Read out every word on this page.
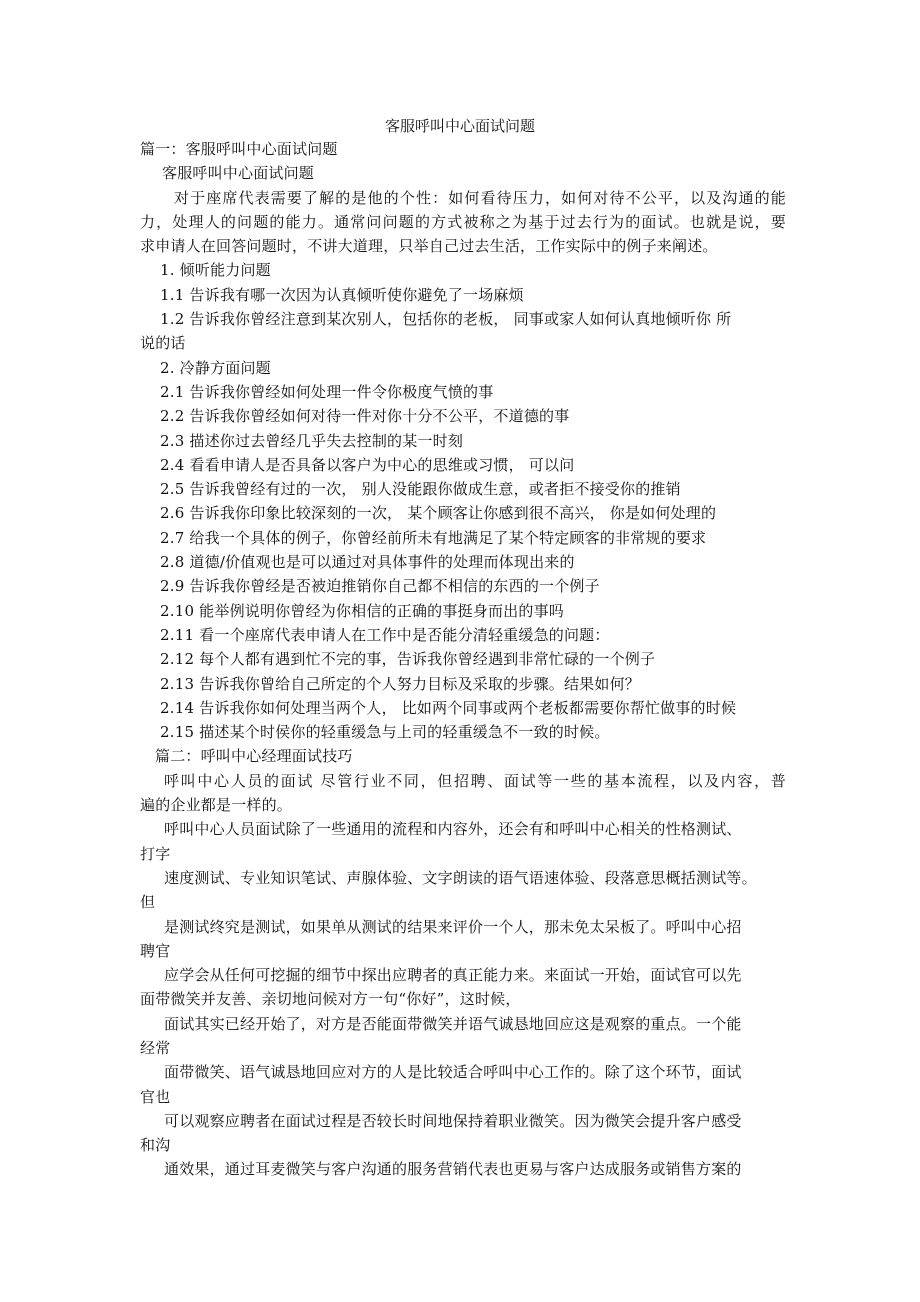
客服呼叫中心面试问题
篇一：客服呼叫中心面试问题
客服呼叫中心面试问题
对于座席代表需要了解的是他的个性：如何看待压力，如何对待不公平，以及沟通的能
力，处理人的问题的能力。通常问问题的方式被称之为基于过去行为的面试。也就是说，要
求申请人在回答问题时，不讲大道理，只举自己过去生活，工作实际中的例子来阐述。
1. 倾听能力问题
1.1 告诉我有哪一次因为认真倾听使你避免了一场麻烦
1.2 告诉我你曾经注意到某次别人，包括你的老板， 同事或家人如何认真地倾听你 所
说的话
2. 冷静方面问题
2.1 告诉我你曾经如何处理一件令你极度气愤的事
2.2 告诉我你曾经如何对待一件对你十分不公平，不道德的事
2.3 描述你过去曾经几乎失去控制的某一时刻
2.4 看看申请人是否具备以客户为中心的思维或习惯， 可以问
2.5 告诉我曾经有过的一次， 别人没能跟你做成生意，或者拒不接受你的推销
2.6 告诉我你印象比较深刻的一次， 某个顾客让你感到很不高兴， 你是如何处理的
2.7 给我一个具体的例子，你曾经前所未有地满足了某个特定顾客的非常规的要求
2.8 道德/价值观也是可以通过对具体事件的处理而体现出来的
2.9 告诉我你曾经是否被迫推销你自己都不相信的东西的一个例子
2.10 能举例说明你曾经为你相信的正确的事挺身而出的事吗
2.11 看一个座席代表申请人在工作中是否能分清轻重缓急的问题：
2.12 每个人都有遇到忙不完的事，告诉我你曾经遇到非常忙碌的一个例子
2.13 告诉我你曾给自己所定的个人努力目标及采取的步骤。结果如何？
2.14 告诉我你如何处理当两个人， 比如两个同事或两个老板都需要你帮忙做事的时候
2.15 描述某个时侯你的轻重缓急与上司的轻重缓急不一致的时候。
篇二：呼叫中心经理面试技巧
呼叫中心人员的面试 尽管行业不同，但招聘、面试等一些的基本流程，以及内容，普
遍的企业都是一样的。
呼叫中心人员面试除了一些通用的流程和内容外，还会有和呼叫中心相关的性格测试、
打字
速度测试、专业知识笔试、声腺体验、文字朗读的语气语速体验、段落意思概括测试等。
但
是测试终究是测试，如果单从测试的结果来评价一个人，那未免太呆板了。呼叫中心招
聘官
应学会从任何可挖掘的细节中探出应聘者的真正能力来。来面试一开始，面试官可以先
面带微笑并友善、亲切地问候对方一句“你好”，这时候，
面试其实已经开始了，对方是否能面带微笑并语气诚恳地回应这是观察的重点。一个能
经常
面带微笑、语气诚恳地回应对方的人是比较适合呼叫中心工作的。除了这个环节，面试
官也
可以观察应聘者在面试过程是否较长时间地保持着职业微笑。因为微笑会提升客户感受
和沟
通效果，通过耳麦微笑与客户沟通的服务营销代表也更易与客户达成服务或销售方案的
